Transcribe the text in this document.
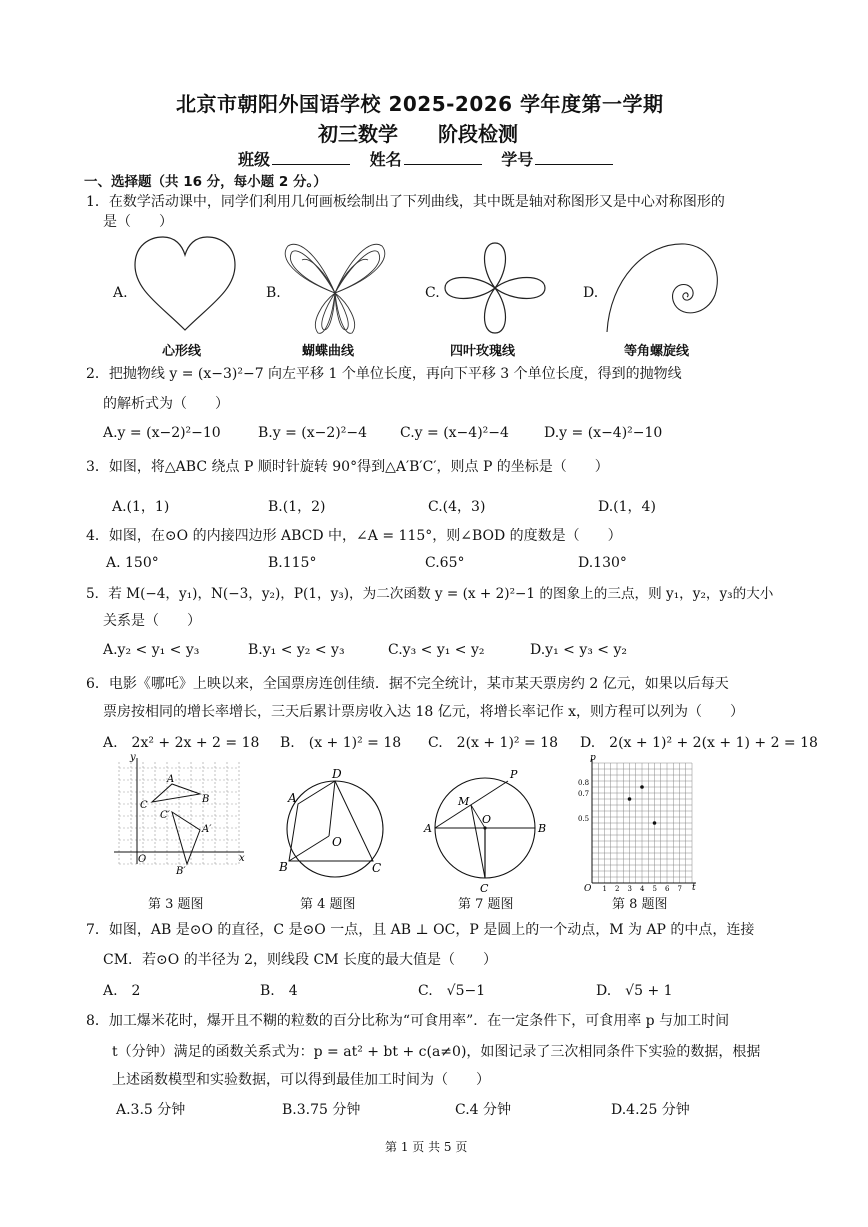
北京市朝阳外国语学校 2025-2026 学年度第一学期
初三数学　　阶段检测
班级	姓名	学号
一、选择题（共 16 分，每小题 2 分。）
1．在数学活动课中，同学们利用几何画板绘制出了下列曲线，其中既是轴对称图形又是中心对称图形的
是（　　）
A.	B.	C.	D.
心形线	蝴蝶曲线	四叶玫瑰线	等角螺旋线
2．把抛物线 y = (x−3)²−7 向左平移 1 个单位长度，再向下平移 3 个单位长度，得到的抛物线
的解析式为（　　）
A.y = (x−2)²−10	B.y = (x−2)²−4 C.y = (x−4)²−4	D.y = (x−4)²−10
3．如图，将△ABC 绕点 P 顺时针旋转 90°得到△A′B′C′，则点 P 的坐标是（　　）
A.(1，1)	B.(1，2)	C.(4，3)	D.(1，4)
4．如图，在⊙O 的内接四边形 ABCD 中，∠A = 115°，则∠BOD 的度数是（　　）
A. 150°	B.115°	C.65°	D.130°
5．若 M(−4，y₁)，N(−3，y₂)，P(1，y₃)，为二次函数 y = (x + 2)²−1 的图象上的三点，则 y₁，y₂，y₃的大小
关系是（　　）
A.y₂ < y₁ < y₃	B.y₁ < y₂ < y₃	C.y₃ < y₁ < y₂	D.y₁ < y₃ < y₂
6．电影《哪吒》上映以来，全国票房连创佳绩．据不完全统计，某市某天票房约 2 亿元，如果以后每天
票房按相同的增长率增长，三天后累计票房收入达 18 亿元，将增长率记作 x，则方程可以列为（　　）
A.　2x² + 2x + 2 = 18 B.　(x + 1)² = 18 C.　2(x + 1)² = 18 D.　2(x + 1)² + 2(x + 1) + 2 = 18
y
x
O
A
B
C
A′
B′
C′
D
A
B	C
O
P
M
A	B
C
O
p
t
O
0.8
0.7
0.5
1 2 3 4 5 6 7
第 3 题图	第 4 题图	第 7 题图	第 8 题图
7．如图，AB 是⊙O 的直径，C 是⊙O 一点，且 AB ⊥ OC，P 是圆上的一个动点，M 为 AP 的中点，连接
CM．若⊙O 的半径为 2，则线段 CM 长度的最大值是（　　）
A.　2	B.　4	C.　√5−1	D.　√5 + 1
8．加工爆米花时，爆开且不糊的粒数的百分比称为“可食用率”．在一定条件下，可食用率 p 与加工时间
t（分钟）满足的函数关系式为：p = at² + bt + c(a≠0)，如图记录了三次相同条件下实验的数据，根据
上述函数模型和实验数据，可以得到最佳加工时间为（　　）
A.3.5 分钟	B.3.75 分钟	C.4 分钟	D.4.25 分钟
第 1 页 共 5 页
